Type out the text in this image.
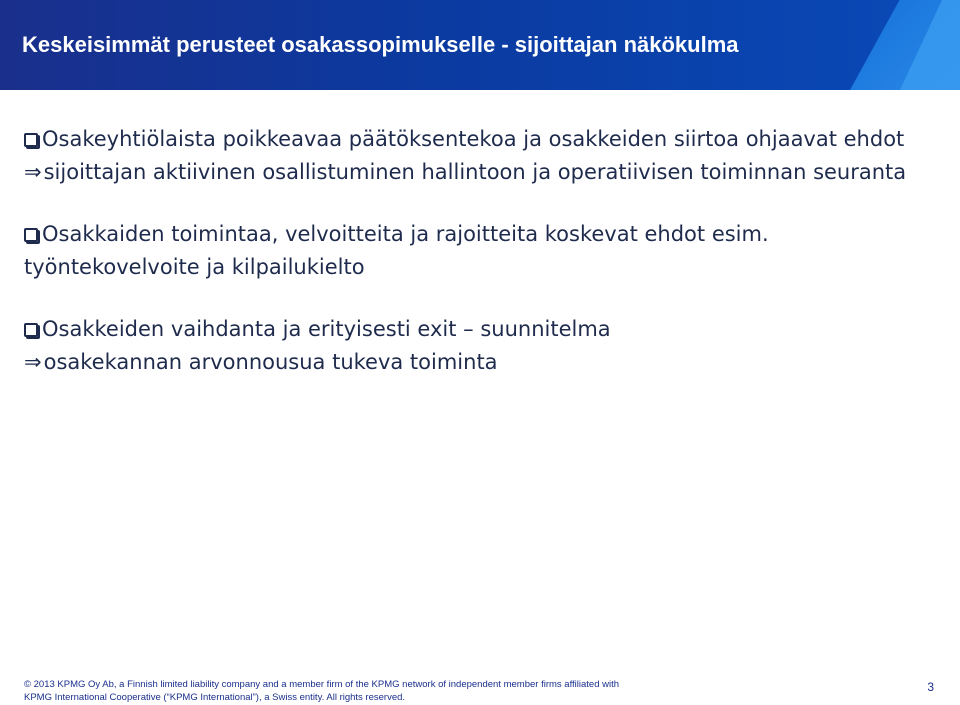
Keskeisimmät perusteet osakassopimukselle - sijoittajan näkökulma
Osakeyhtiölaista poikkeavaa päätöksentekoa ja osakkeiden siirtoa ohjaavat ehdot
⇒sijoittajan aktiivinen osallistuminen hallintoon ja operatiivisen toiminnan seuranta
Osakkaiden toimintaa, velvoitteita ja rajoitteita koskevat ehdot esim. työntekovelvoite ja kilpailukielto
Osakkeiden vaihdanta ja erityisesti exit – suunnitelma
⇒osakekannan arvonnousua tukeva toiminta
© 2013 KPMG Oy Ab, a Finnish limited liability company and a member firm of the KPMG network of independent member firms affiliated with
KPMG International Cooperative (“KPMG International”), a Swiss entity. All rights reserved.
3
